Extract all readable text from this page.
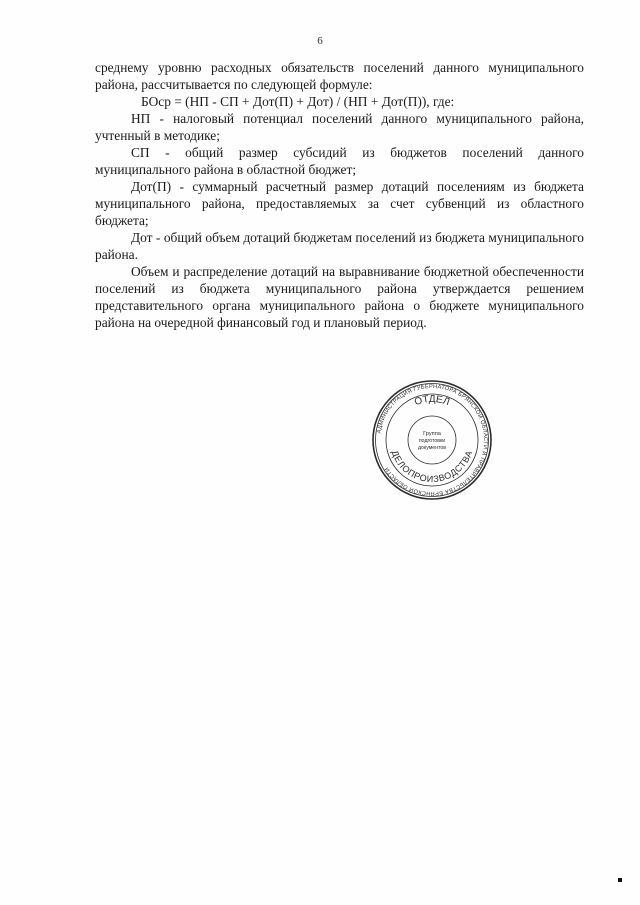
6

среднему уровню расходных обязательств поселений данного муниципального района, рассчитывается по следующей формуле:

БОср = (НП - СП + Дот(П) + Дот) / (НП + Дот(П)), где:

НП - налоговый потенциал поселений данного муниципального района, учтенный в методике;

СП - общий размер субсидий из бюджетов поселений данного муниципального района в областной бюджет;

Дот(П) - суммарный расчетный размер дотаций поселениям из бюджета муниципального района, предоставляемых за счет субвенций из областного бюджета;

Дот - общий объем дотаций бюджетам поселений из бюджета муниципального района.

Объем и распределение дотаций на выравнивание бюджетной обеспеченности поселений из бюджета муниципального района утверждается решением представительного органа муниципального района о бюджете муниципального района на очередной финансовый год и плановый период.

АДМИНИСТРАЦИЯ ГУБЕРНАТОРА БРЯНСКОЙ ОБЛАСТИ И ПРАВИТЕЛЬСТВА БРЯНСКОЙ ОБЛАСТИ
ОТДЕЛ
ДЕЛОПРОИЗВОДСТВА
Группа
подготовки
документов
